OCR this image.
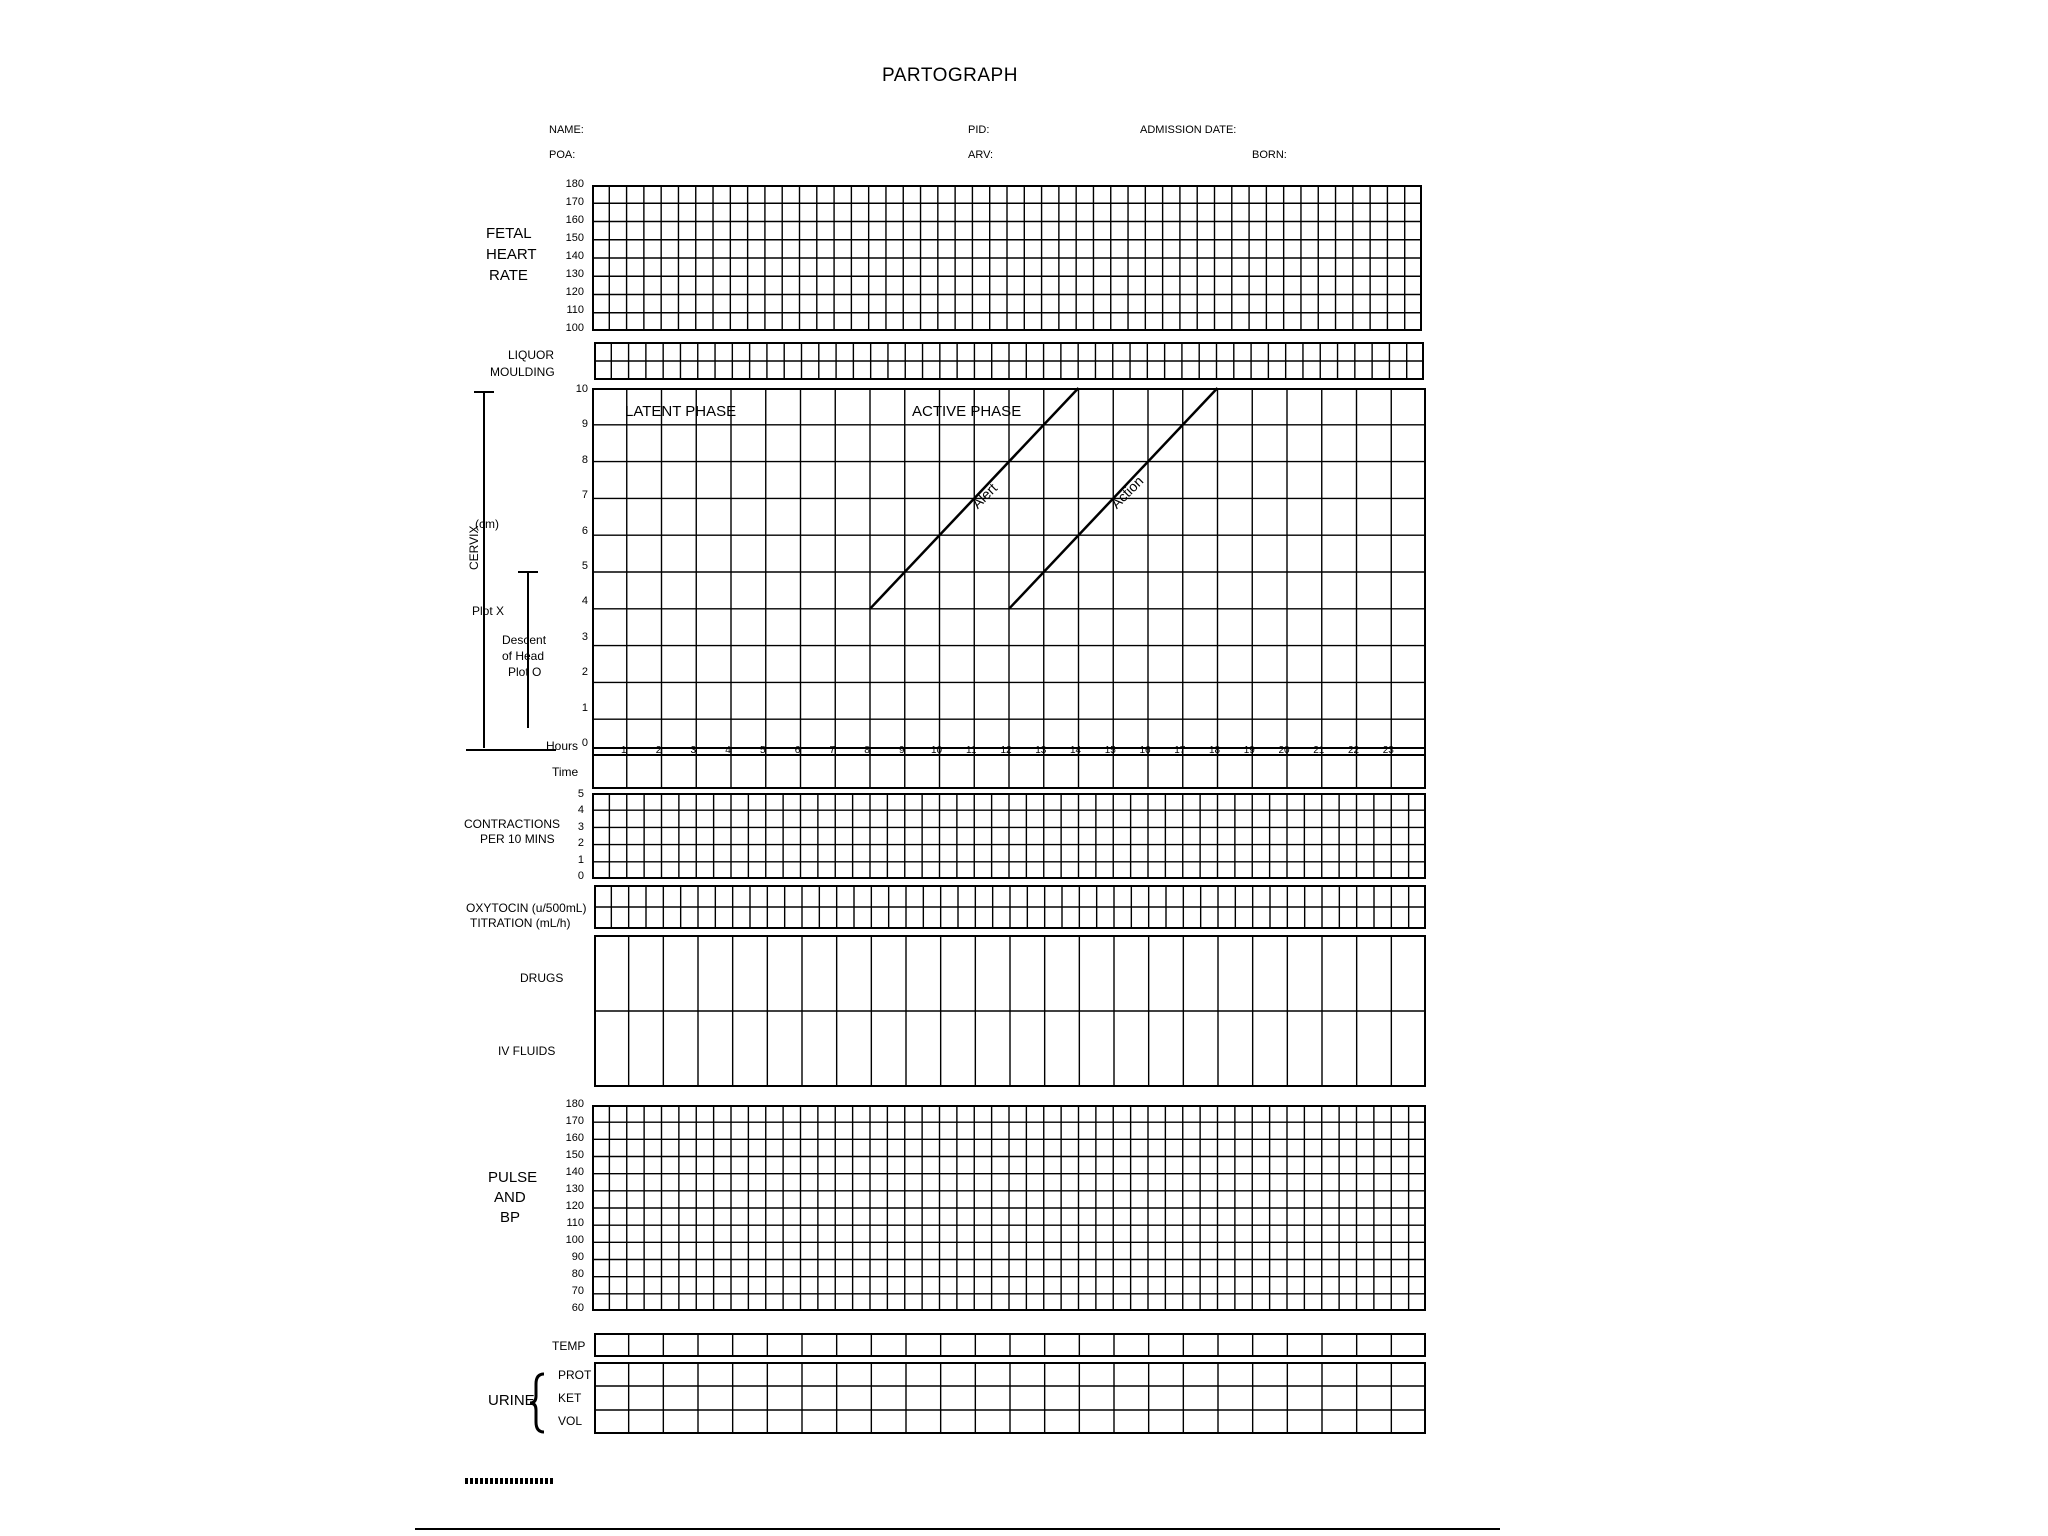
PARTOGRAPH
NAME:	PID:	ADMISSION DATE:
POA:	ARV:	BORN:
FETAL
HEART
RATE
180
170
160
150
140
130
120
110
100
LIQUOR
MOULDING
(cm)
CERVIX
Plot X
Descent
of Head
Plot O
10
9
8
7
6
5
4
3
2
1
0
LATENT PHASE	ACTIVE PHASE
Alert	Action
1	2	3	4	5	6	7	8	9	10 11 12 13 14 15 16 17 18 19 20 21 22 23
Hours
Time
CONTRACTIONS
PER 10 MINS
5
4
3
2
1
0
OXYTOCIN (u/500mL)
TITRATION (mL/h)
DRUGS
IV FLUIDS
PULSE
AND
BP
180
170
160
150
140
130
120
110
100
90
80
70
60
TEMP
URINE
PROT
KET
VOL
